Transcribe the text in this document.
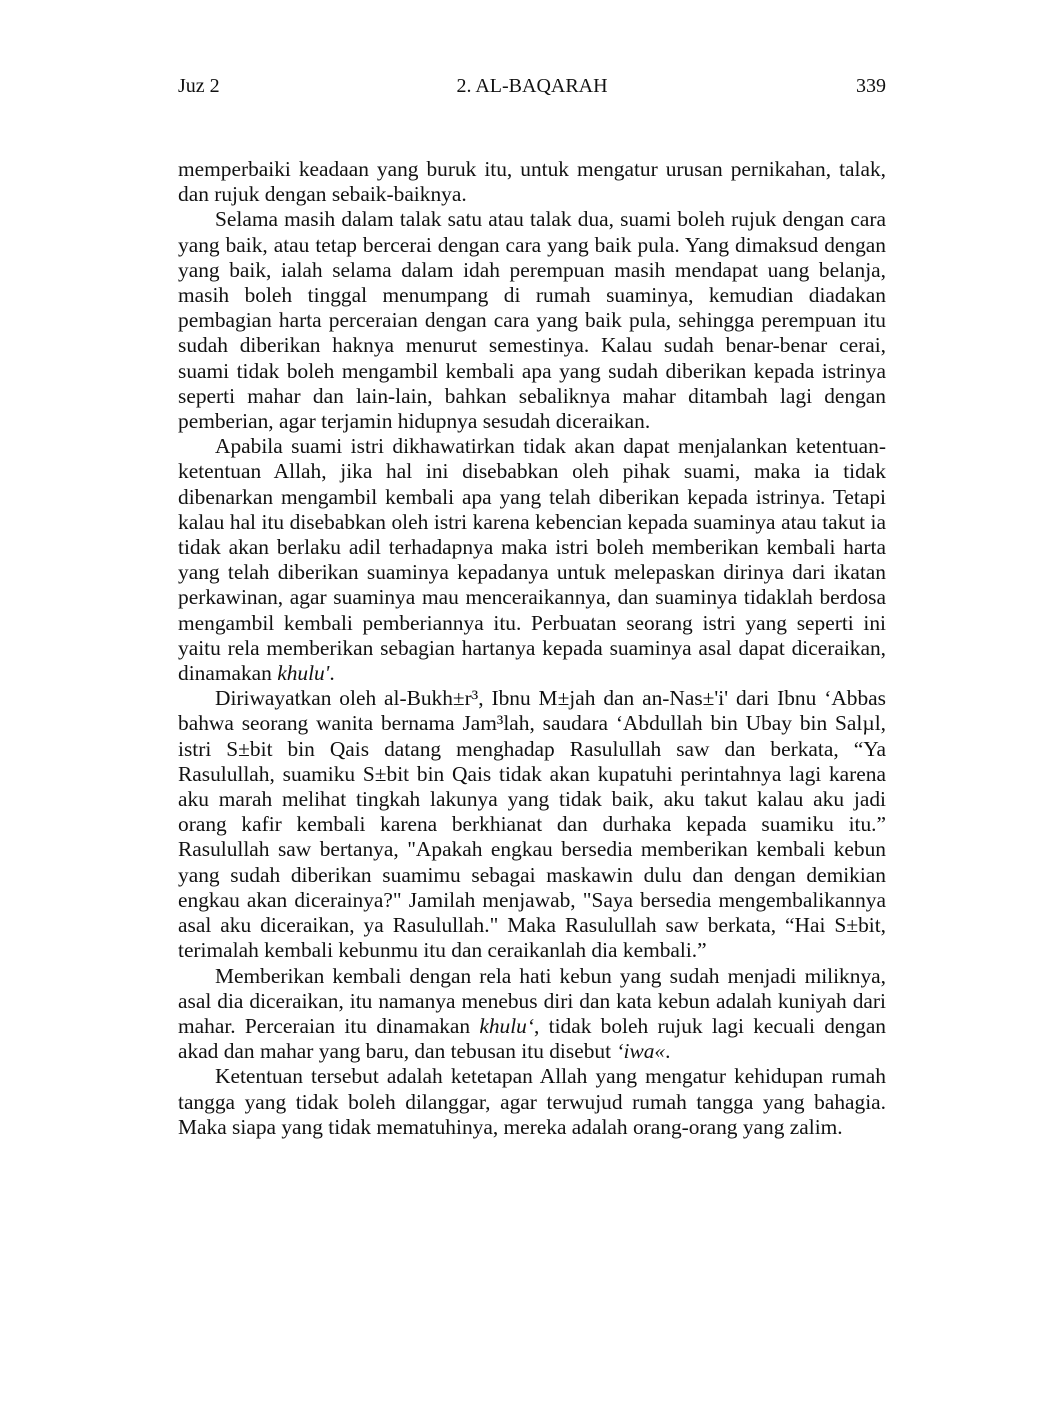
Juz 2	2. AL-BAQARAH	339

memperbaiki keadaan yang buruk itu, untuk mengatur urusan pernikahan, talak, dan rujuk dengan sebaik-baiknya.

Selama masih dalam talak satu atau talak dua, suami boleh rujuk dengan cara yang baik, atau tetap bercerai dengan cara yang baik pula. Yang dimaksud dengan yang baik, ialah selama dalam idah perempuan masih mendapat uang belanja, masih boleh tinggal menumpang di rumah suaminya, kemudian diadakan pembagian harta perceraian dengan cara yang baik pula, sehingga perempuan itu sudah diberikan haknya menurut semestinya. Kalau sudah benar-benar cerai, suami tidak boleh mengambil kembali apa yang sudah diberikan kepada istrinya seperti mahar dan lain-lain, bahkan sebaliknya mahar ditambah lagi dengan pemberian, agar terjamin hidupnya sesudah diceraikan.

Apabila suami istri dikhawatirkan tidak akan dapat menjalankan ketentuan-ketentuan Allah, jika hal ini disebabkan oleh pihak suami, maka ia tidak dibenarkan mengambil kembali apa yang telah diberikan kepada istrinya. Tetapi kalau hal itu disebabkan oleh istri karena kebencian kepada suaminya atau takut ia tidak akan berlaku adil terhadapnya maka istri boleh memberikan kembali harta yang telah diberikan suaminya kepadanya untuk melepaskan dirinya dari ikatan perkawinan, agar suaminya mau menceraikannya, dan suaminya tidaklah berdosa mengambil kembali pemberiannya itu. Perbuatan seorang istri yang seperti ini yaitu rela memberikan sebagian hartanya kepada suaminya asal dapat diceraikan, dinamakan khulu'.

Diriwayatkan oleh al-Bukh±r³, Ibnu M±jah dan an-Nas±'i' dari Ibnu ‘Abbas bahwa seorang wanita bernama Jam³lah, saudara ‘Abdullah bin Ubay bin Salµl, istri S±bit bin Qais datang menghadap Rasulullah saw dan berkata, “Ya Rasulullah, suamiku S±bit bin Qais tidak akan kupatuhi perintahnya lagi karena aku marah melihat tingkah lakunya yang tidak baik, aku takut kalau aku jadi orang kafir kembali karena berkhianat dan durhaka kepada suamiku itu.” Rasulullah saw bertanya, "Apakah engkau bersedia memberikan kembali kebun yang sudah diberikan suamimu sebagai maskawin dulu dan dengan demikian engkau akan dicerainya?" Jamilah menjawab, "Saya bersedia mengembalikannya asal aku diceraikan, ya Rasulullah." Maka Rasulullah saw berkata, “Hai S±bit, terimalah kembali kebunmu itu dan ceraikanlah dia kembali.”

Memberikan kembali dengan rela hati kebun yang sudah menjadi miliknya, asal dia diceraikan, itu namanya menebus diri dan kata kebun adalah kuniyah dari mahar. Perceraian itu dinamakan khulu‘, tidak boleh rujuk lagi kecuali dengan akad dan mahar yang baru, dan tebusan itu disebut ‘iwa«.

Ketentuan tersebut adalah ketetapan Allah yang mengatur kehidupan rumah tangga yang tidak boleh dilanggar, agar terwujud rumah tangga yang bahagia. Maka siapa yang tidak mematuhinya, mereka adalah orang-orang yang zalim.
